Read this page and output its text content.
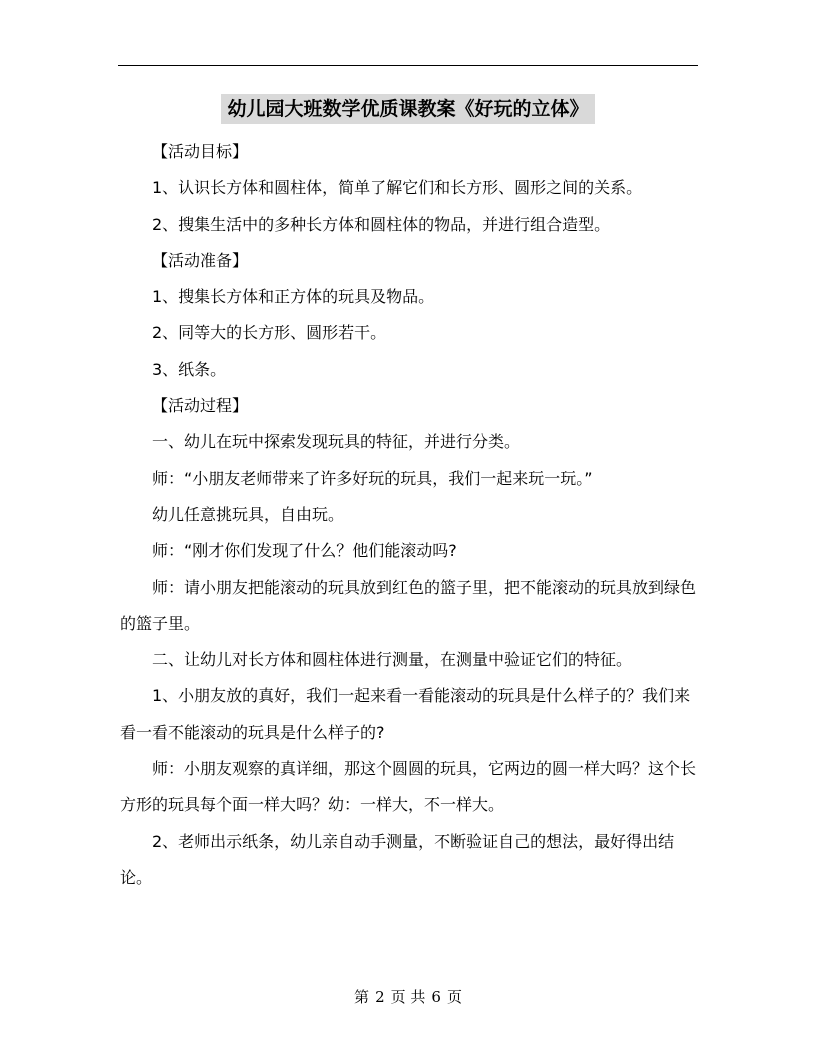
幼儿园大班数学优质课教案《好玩的立体》

【活动目标】

1、认识长方体和圆柱体，简单了解它们和长方形、圆形之间的关系。

2、搜集生活中的多种长方体和圆柱体的物品，并进行组合造型。

【活动准备】

1、搜集长方体和正方体的玩具及物品。

2、同等大的长方形、圆形若干。

3、纸条。

【活动过程】

一、幼儿在玩中探索发现玩具的特征，并进行分类。

师：“小朋友老师带来了许多好玩的玩具，我们一起来玩一玩。”

幼儿任意挑玩具，自由玩。

师：“刚才你们发现了什么？他们能滚动吗?

师：请小朋友把能滚动的玩具放到红色的篮子里，把不能滚动的玩具放到绿色的篮子里。

二、让幼儿对长方体和圆柱体进行测量，在测量中验证它们的特征。

1、小朋友放的真好，我们一起来看一看能滚动的玩具是什么样子的？我们来看一看不能滚动的玩具是什么样子的?

师：小朋友观察的真详细，那这个圆圆的玩具，它两边的圆一样大吗？这个长方形的玩具每个面一样大吗？幼：一样大，不一样大。

2、老师出示纸条，幼儿亲自动手测量，不断验证自己的想法，最好得出结论。

第 2 页 共 6 页
